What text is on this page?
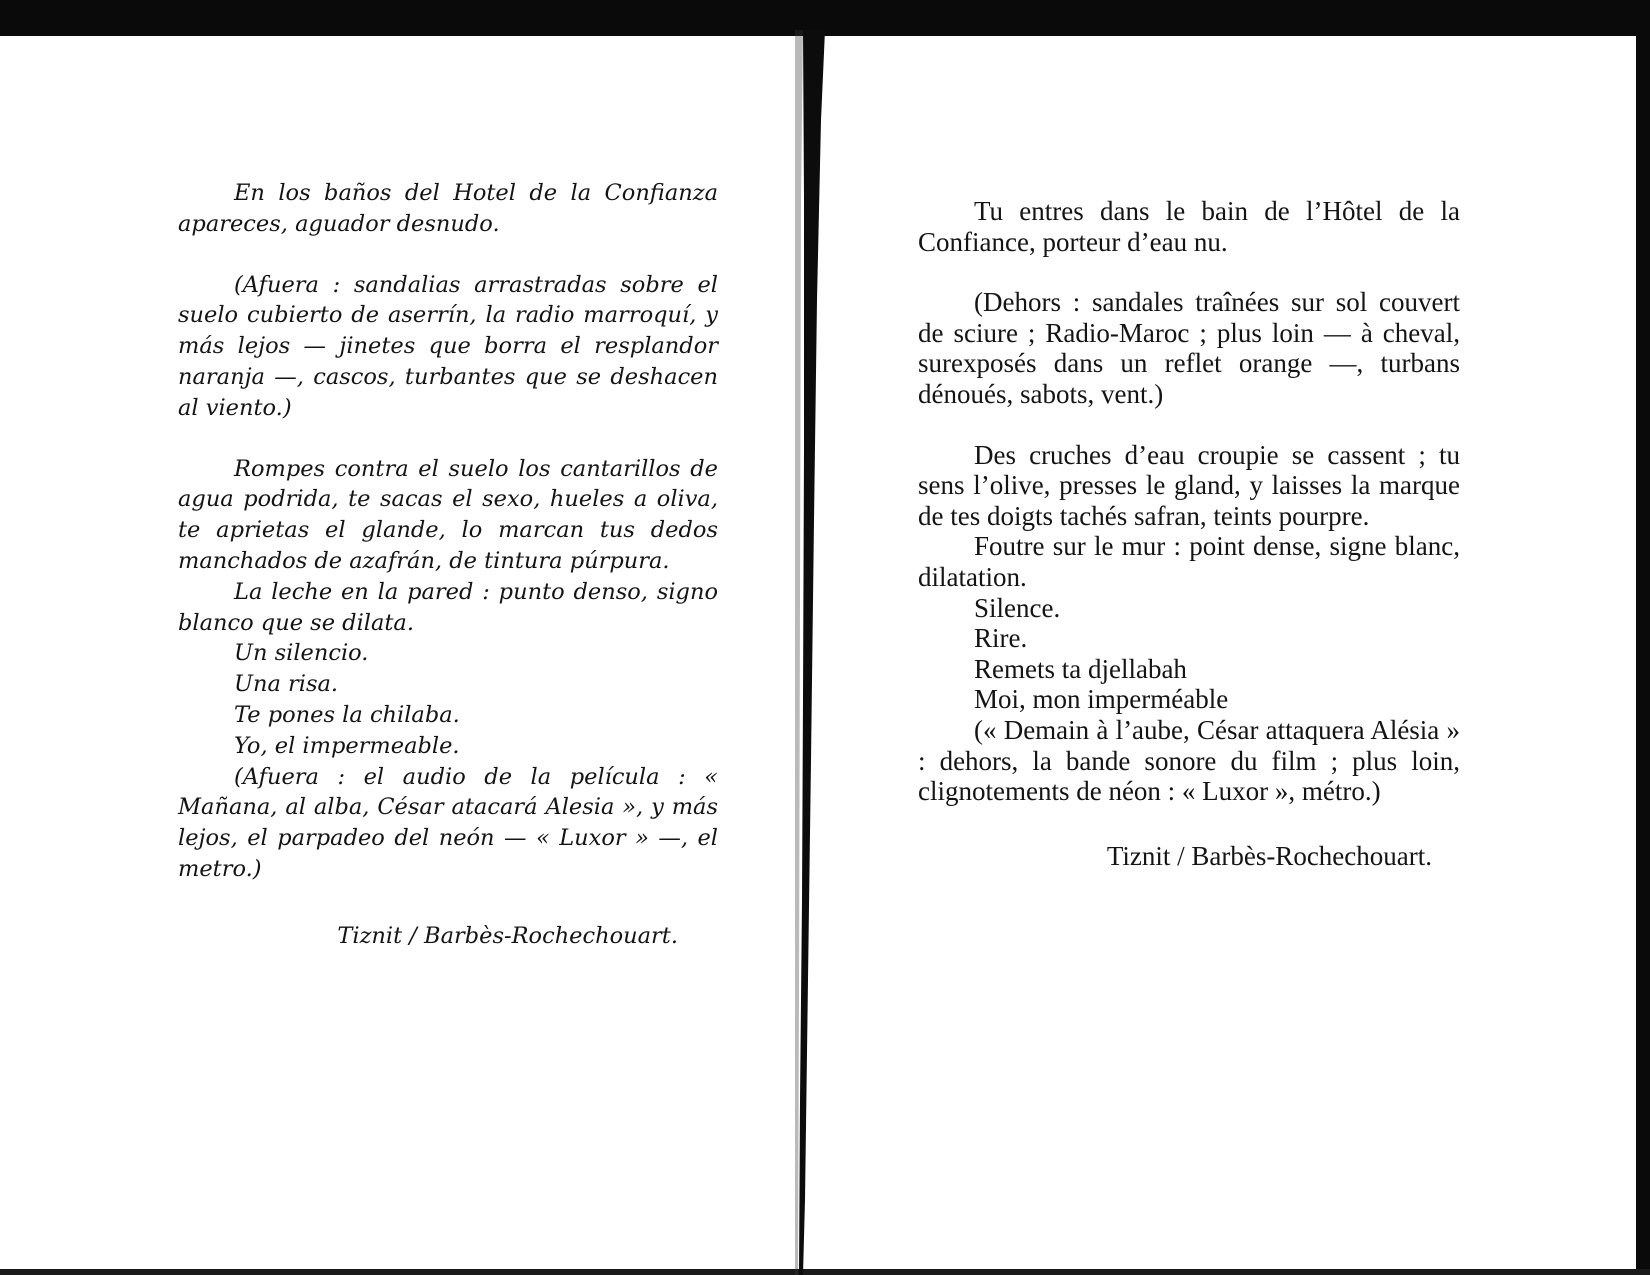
En los baños del Hotel de la Confianza apareces, aguador desnudo.

(Afuera : sandalias arrastradas sobre el suelo cubierto de aserrín, la radio marroquí, y más lejos — jinetes que borra el resplandor naranja —, cascos, turbantes que se deshacen al viento.)

Rompes contra el suelo los cantarillos de agua podrida, te sacas el sexo, hueles a oliva, te aprietas el glande, lo marcan tus dedos manchados de azafrán, de tintura púrpura.

La leche en la pared : punto denso, signo blanco que se dilata.

Un silencio.

Una risa.

Te pones la chilaba.

Yo, el impermeable.

(Afuera : el audio de la película : « Mañana, al alba, César atacará Alesia », y más lejos, el parpadeo del neón — « Luxor » —, el metro.)

Tiznit / Barbès-Rochechouart.

Tu entres dans le bain de l’Hôtel de la Confiance, porteur d’eau nu.

(Dehors : sandales traînées sur sol couvert de sciure ; Radio-Maroc ; plus loin — à cheval, surexposés dans un reflet orange —, turbans dénoués, sabots, vent.)

Des cruches d’eau croupie se cassent ; tu sens l’olive, presses le gland, y laisses la marque de tes doigts tachés safran, teints pourpre.

Foutre sur le mur : point dense, signe blanc, dilatation.

Silence.

Rire.

Remets ta djellabah

Moi, mon imperméable

(« Demain à l’aube, César attaquera Alésia » : dehors, la bande sonore du film ; plus loin, clignotements de néon : « Luxor », métro.)

Tiznit / Barbès-Rochechouart.
